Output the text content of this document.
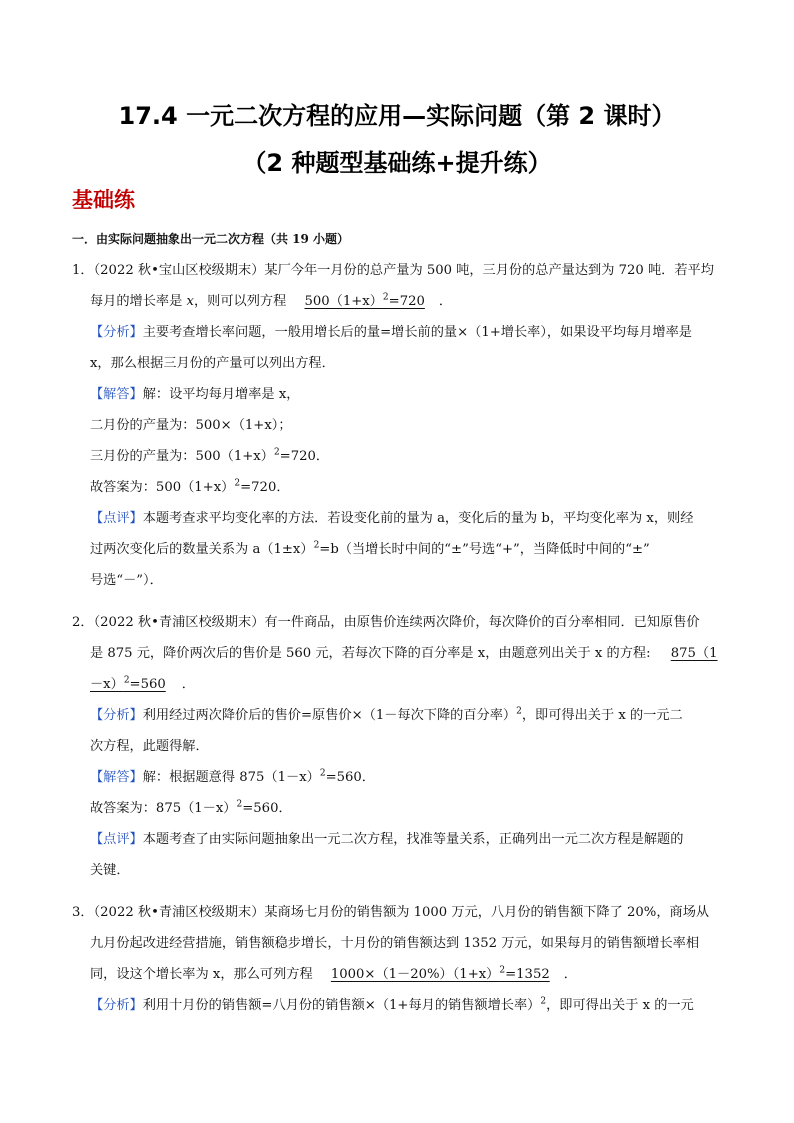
17.4 一元二次方程的应用—实际问题（第 2 课时）
（2 种题型基础练+提升练）
基础练
一．由实际问题抽象出一元二次方程（共 19 小题）
1．（2022 秋•宝山区校级期末）某厂今年一月份的总产量为 500 吨，三月份的总产量达到为 720 吨．若平均
每月的增长率是 x，则可以列方程 $500(1+x)^2=720$ ．
【分析】主要考查增长率问题，一般用增长后的量=增长前的量×（1+增长率），如果设平均每月增率是
x，那么根据三月份的产量可以列出方程．
【解答】解：设平均每月增率是 x，
二月份的产量为：500×（1+x）；
三月份的产量为：$500(1+x)^2=720$．
故答案为：$500(1+x)^2=720$．
【点评】本题考查求平均变化率的方法．若设变化前的量为 a，变化后的量为 b，平均变化率为 x，则经
过两次变化后的数量关系为 $a(1\pm x)^2=b$（当增长时中间的“±”号选“+”，当降低时中间的“±”
号选“－”）．
2．（2022 秋•青浦区校级期末）有一件商品，由原售价连续两次降价，每次降价的百分率相同．已知原售价
是 875 元，降价两次后的售价是 560 元，若每次下降的百分率是 x，由题意列出关于 x 的方程: 875（1
－x）$^2$=560 ．
【分析】利用经过两次降价后的售价=原售价×（1－每次下降的百分率）$^2$，即可得出关于 x 的一元二
次方程，此题得解．
【解答】解：根据题意得 $875(1-x)^2=560$．
故答案为：$875(1-x)^2=560$．
【点评】本题考查了由实际问题抽象出一元二次方程，找准等量关系，正确列出一元二次方程是解题的
关键．
3．（2022 秋•青浦区校级期末）某商场七月份的销售额为 1000 万元，八月份的销售额下降了 20%，商场从
九月份起改进经营措施，销售额稳步增长，十月份的销售额达到 1352 万元，如果每月的销售额增长率相
同，设这个增长率为 x，那么可列方程 $1000\times(1-20\%)(1+x)^2=1352$ ．
【分析】利用十月份的销售额=八月份的销售额×（1+每月的销售额增长率）$^2$，即可得出关于 x 的一元
